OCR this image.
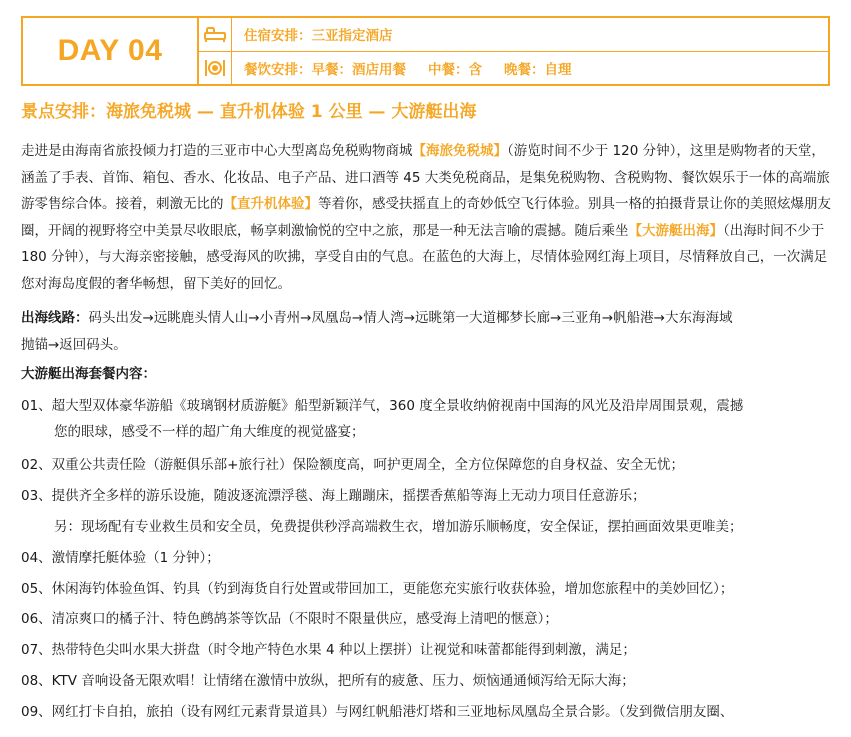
DAY 04	住宿安排：三亚指定酒店
餐饮安排： 早餐：酒店用餐 中餐：含 晚餐：自理
景点安排：海旅免税城 — 直升机体验 1 公里 — 大游艇出海
走进是由海南省旅投倾力打造的三亚市中心大型离岛免税购物商城【海旅免税城】（游览时间不少于 120 分钟），这里是购物者的天堂，涵盖了手表、首饰、箱包、香水、化妆品、电子产品、进口酒等 45 大类免税商品，是集免税购物、含税购物、餐饮娱乐于一体的高端旅游零售综合体。接着，刺激无比的【直升机体验】等着你，感受扶摇直上的奇妙低空飞行体验。别具一格的拍摄背景让你的美照炫爆朋友圈，开阔的视野将空中美景尽收眼底，畅享刺激愉悦的空中之旅，那是一种无法言喻的震撼。随后乘坐【大游艇出海】（出海时间不少于 180 分钟），与大海亲密接触，感受海风的吹拂，享受自由的气息。在蓝色的大海上，尽情体验网红海上项目，尽情释放自己，一次满足您对海岛度假的奢华畅想，留下美好的回忆。
出海线路：码头出发→远眺鹿头情人山→小青州→凤凰岛→情人湾→远眺第一大道椰梦长廊→三亚角→帆船港→大东海海域
抛锚→返回码头。
大游艇出海套餐内容：
01、超大型双体豪华游船《玻璃钢材质游艇》船型新颖洋气，360 度全景收纳俯视南中国海的风光及沿岸周围景观，震撼
您的眼球，感受不一样的超广角大维度的视觉盛宴；
02、双重公共责任险（游艇俱乐部+旅行社）保险额度高，呵护更周全，全方位保障您的自身权益、安全无忧；
03、提供齐全多样的游乐设施，随波逐流漂浮毯、海上蹦蹦床，摇摆香蕉船等海上无动力项目任意游乐；
另：现场配有专业救生员和安全员，免费提供秒浮高端救生衣，增加游乐顺畅度，安全保证，摆拍画面效果更唯美；
04、激情摩托艇体验（1 分钟）；
05、休闲海钓体验鱼饵、钓具（钓到海货自行处置或带回加工，更能您充实旅行收获体验，增加您旅程中的美妙回忆）；
06、清凉爽口的橘子汁、特色鹧鸪茶等饮品（不限时不限量供应，感受海上清吧的惬意）；
07、热带特色尖叫水果大拼盘（时令地产特色水果 4 种以上摆拼）让视觉和味蕾都能得到刺激，满足；
08、KTV 音响设备无限欢唱！让情绪在激情中放纵，把所有的疲惫、压力、烦恼通通倾泻给无际大海；
09、网红打卡自拍，旅拍（设有网红元素背景道具）与网红帆船港灯塔和三亚地标凤凰岛全景合影。（发到微信朋友圈、
